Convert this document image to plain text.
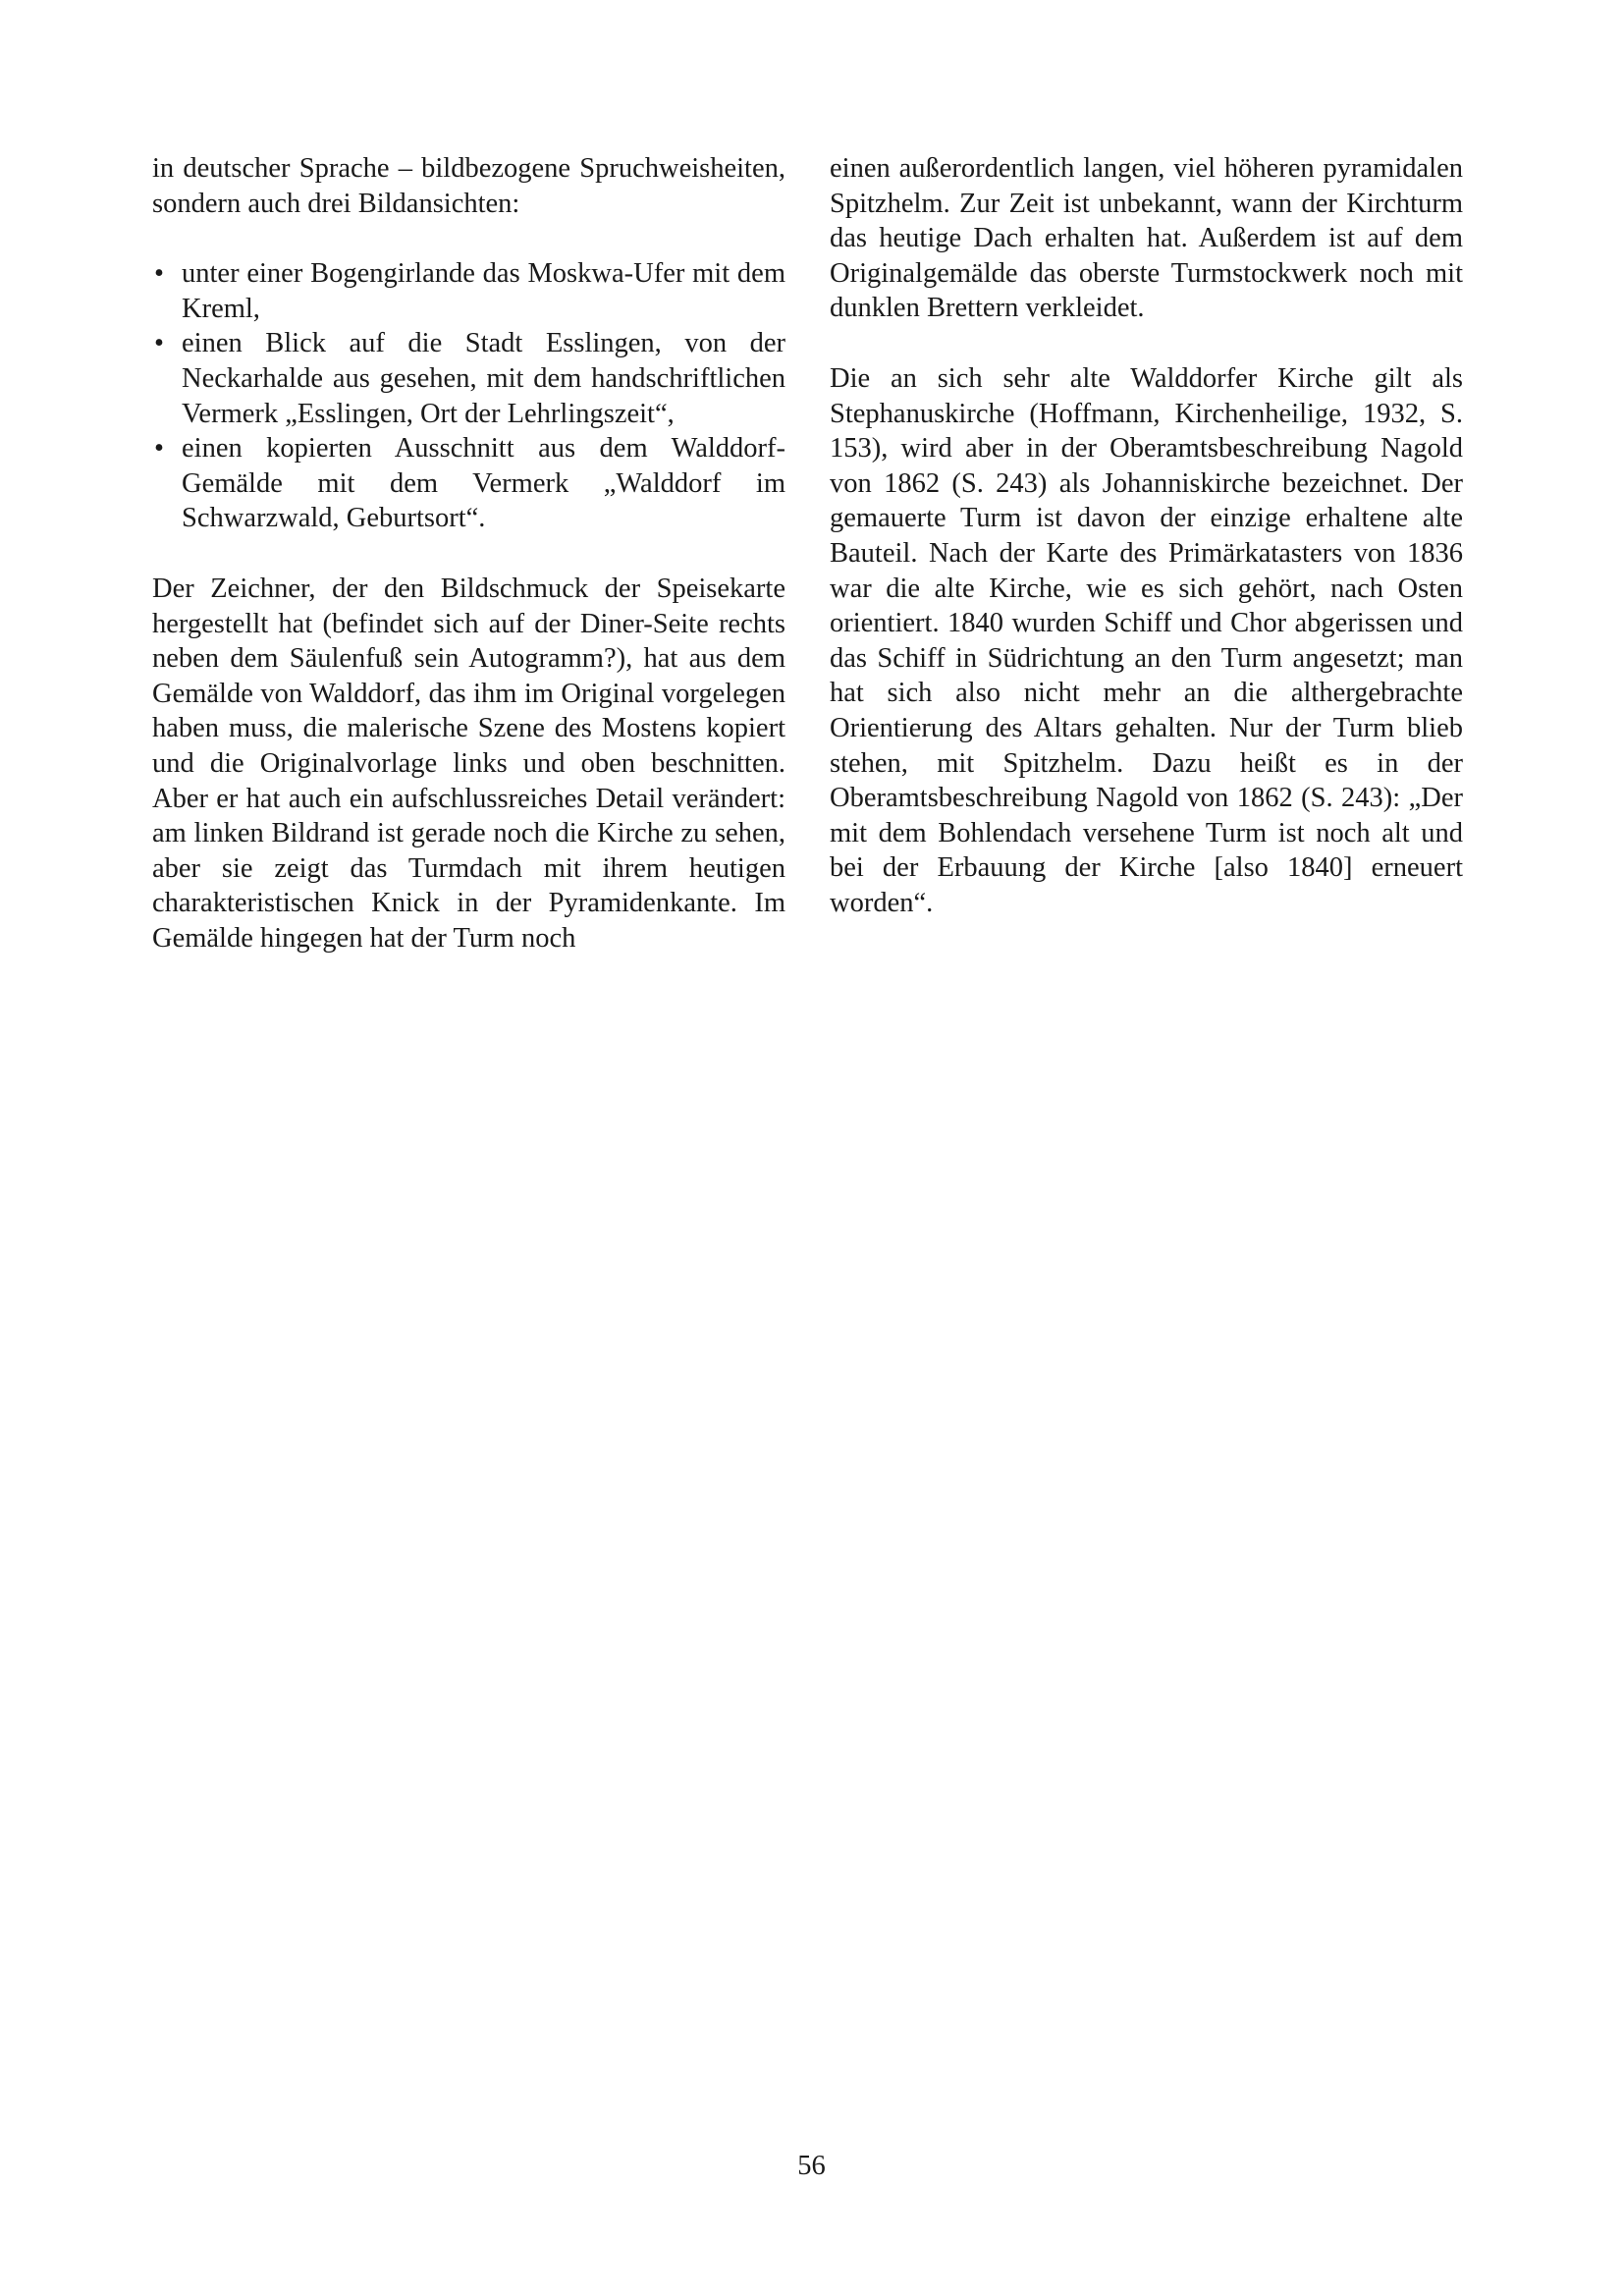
in deutscher Sprache – bildbezogene Spruchweisheiten, sondern auch drei Bildansichten:

• unter einer Bogengirlande das Moskwa-Ufer mit dem Kreml,
• einen Blick auf die Stadt Esslingen, von der Neckarhalde aus gesehen, mit dem handschriftlichen Vermerk „Esslingen, Ort der Lehrlingszeit“,
• einen kopierten Ausschnitt aus dem Walddorf-Gemälde mit dem Vermerk „Walddorf im Schwarzwald, Geburtsort“.

Der Zeichner, der den Bildschmuck der Speisekarte hergestellt hat (befindet sich auf der Diner-Seite rechts neben dem Säulenfuß sein Autogramm?), hat aus dem Gemälde von Walddorf, das ihm im Original vorgelegen haben muss, die malerische Szene des Mostens kopiert und die Originalvorlage links und oben beschnitten. Aber er hat auch ein aufschlussreiches Detail verändert: am linken Bildrand ist gerade noch die Kirche zu sehen, aber sie zeigt das Turmdach mit ihrem heutigen charakteristischen Knick in der Pyramidenkante. Im Gemälde hingegen hat der Turm noch

einen außerordentlich langen, viel höheren pyramidalen Spitzhelm. Zur Zeit ist unbekannt, wann der Kirchturm das heutige Dach erhalten hat. Außerdem ist auf dem Originalgemälde das oberste Turmstockwerk noch mit dunklen Brettern verkleidet.

Die an sich sehr alte Walddorfer Kirche gilt als Stephanuskirche (Hoffmann, Kirchenheilige, 1932, S. 153), wird aber in der Oberamtsbeschreibung Nagold von 1862 (S. 243) als Johanniskirche bezeichnet. Der gemauerte Turm ist davon der einzige erhaltene alte Bauteil. Nach der Karte des Primärkatasters von 1836 war die alte Kirche, wie es sich gehört, nach Osten orientiert. 1840 wurden Schiff und Chor abgerissen und das Schiff in Südrichtung an den Turm angesetzt; man hat sich also nicht mehr an die althergebrachte Orientierung des Altars gehalten. Nur der Turm blieb stehen, mit Spitzhelm. Dazu heißt es in der Oberamtsbeschreibung Nagold von 1862 (S. 243): „Der mit dem Bohlendach versehene Turm ist noch alt und bei der Erbauung der Kirche [also 1840] erneuert worden“.

56
